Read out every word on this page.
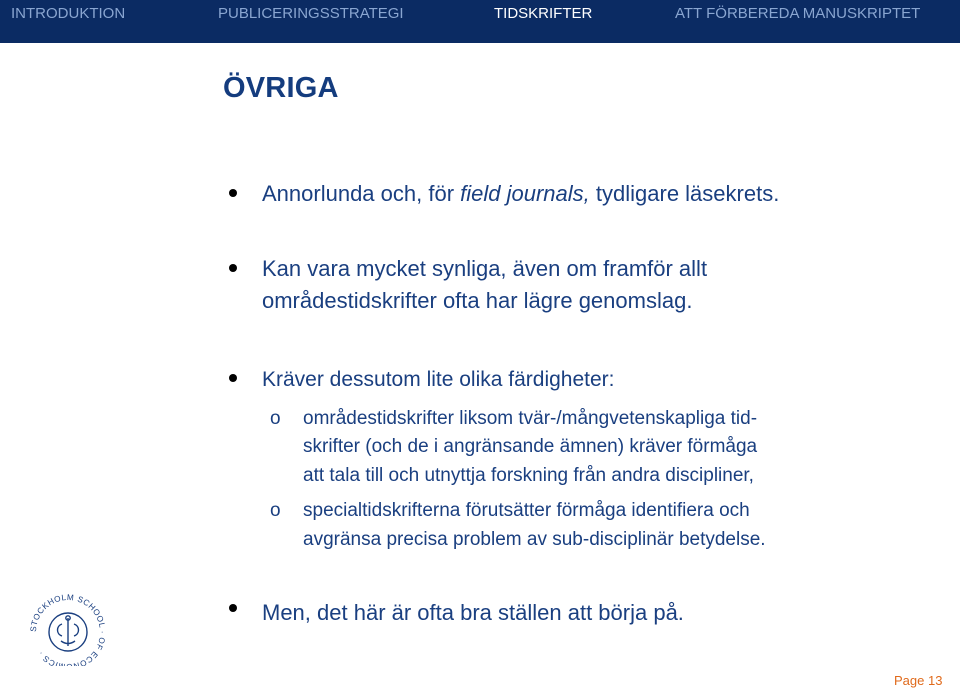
INTRODUKTION	PUBLICERINGSSTRATEGI	TIDSKRIFTER	ATT FÖRBEREDA MANUSKRIPTET
ÖVRIGA
Annorlunda och, för field journals, tydligare läsekrets.
Kan vara mycket synliga, även om framför allt
områdestidskrifter ofta har lägre genomslag.
Kräver dessutom lite olika färdigheter:
o områdestidskrifter liksom tvär-/mångvetenskapliga tid-
skrifter (och de i angränsande ämnen) kräver förmåga
att tala till och utnyttja forskning från andra discipliner,
o specialtidskrifterna förutsätter förmåga identifiera och
avgränsa precisa problem av sub-disciplinär betydelse.
Men, det här är ofta bra ställen att börja på.
STOCKHOLM SCHOOL · OF ECON MICS ·
Page 13
